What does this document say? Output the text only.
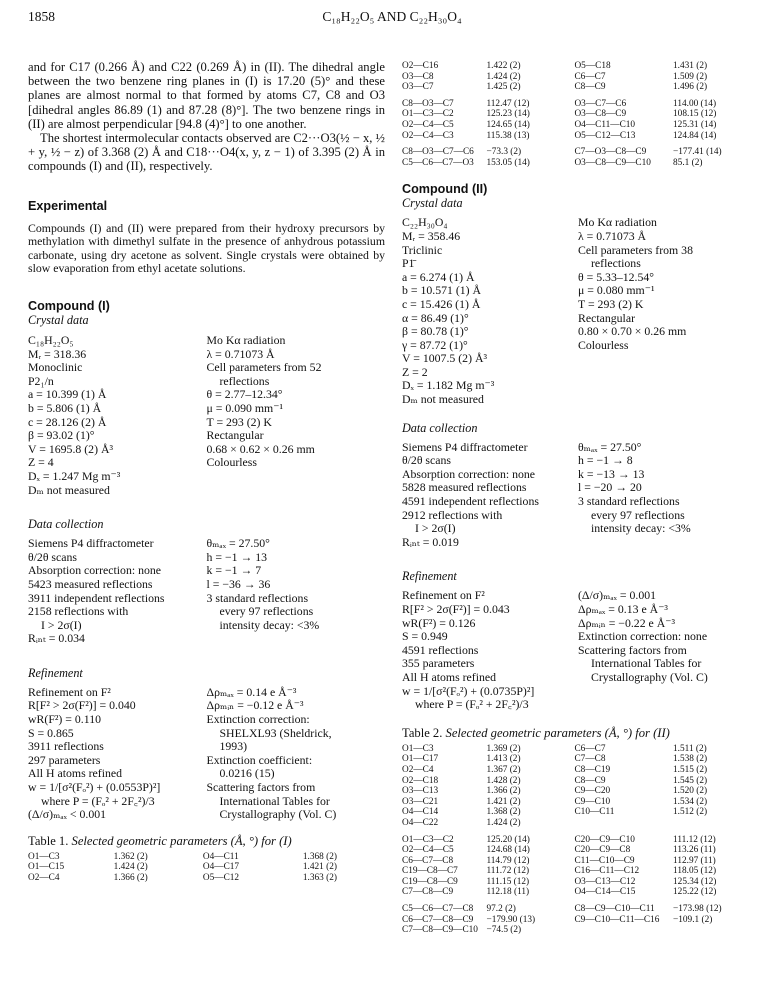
1858	C₁₈H₂₂O₅ AND C₂₂H₃₀O₄

and for C17 (0.266 Å) and C22 (0.269 Å) in (II). The dihedral angle between the two benzene ring planes in (I) is 17.20 (5)° and these planes are almost normal to that formed by atoms C7, C8 and O3 [dihedral angles 86.89 (1) and 87.28 (8)°]. The two benzene rings in (II) are almost perpendicular [94.8 (4)°] to one another.

The shortest intermolecular contacts observed are C2···O3(½ − x, ½ + y, ½ − z) of 3.368 (2) Å and C18···O4(x, y, z − 1) of 3.395 (2) Å in compounds (I) and (II), respectively.

Experimental

Compounds (I) and (II) were prepared from their hydroxy precursors by methylation with dimethyl sulfate in the presence of anhydrous potassium carbonate, using dry acetone as solvent. Single crystals were obtained by slow evaporation from ethyl acetate solutions.

Compound (I)
Crystal data
C₁₈H₂₂O₅
Mᵣ = 318.36
Monoclinic
P2₁/n
a = 10.399 (1) Å
b = 5.806 (1) Å
c = 28.126 (2) Å
β = 93.02 (1)°
V = 1695.8 (2) Å³
Z = 4
Dₓ = 1.247 Mg m⁻³
Dₘ not measured
Mo Kα radiation
λ = 0.71073 Å
Cell parameters from 52
reflections
θ = 2.77–12.34°
μ = 0.090 mm⁻¹
T = 293 (2) K
Rectangular
0.68 × 0.62 × 0.26 mm
Colourless
Data collection
Siemens P4 diffractometer
θ/2θ scans
Absorption correction: none
5423 measured reflections
3911 independent reflections
2158 reflections with
I > 2σ(I)
Rᵢₙₜ = 0.034
θₘₐₓ = 27.50°
h = −1 → 13
k = −1 → 7
l = −36 → 36
3 standard reflections
every 97 reflections
intensity decay: <3%
Refinement
Refinement on F²
R[F² > 2σ(F²)] = 0.040
wR(F²) = 0.110
S = 0.865
3911 reflections
297 parameters
All H atoms refined
w = 1/[σ²(Fₒ²) + (0.0553P)²]
where P = (Fₒ² + 2F꜀²)/3
(Δ/σ)ₘₐₓ < 0.001
Δρₘₐₓ = 0.14 e Å⁻³
Δρₘᵢₙ = −0.12 e Å⁻³
Extinction correction:
SHELXL93 (Sheldrick,
1993)
Extinction coefficient:
0.0216 (15)
Scattering factors from
International Tables for
Crystallography (Vol. C)
Table 1. Selected geometric parameters (Å, °) for (I)
O1—C3	1.362 (2)	O4—C11	1.368 (2)
O1—C15	1.424 (2)	O4—C17	1.421 (2)
O2—C4	1.366 (2)	O5—C12	1.363 (2)
O2—C16	1.422 (2)	O5—C18	1.431 (2)
O3—C8	1.424 (2)	C6—C7	1.509 (2)
O3—C7	1.425 (2)	C8—C9	1.496 (2)
C8—O3—C7	112.47 (12)	O3—C7—C6	114.00 (14)
O1—C3—C2	125.23 (14)	O3—C8—C9	108.15 (12)
O2—C4—C5	124.65 (14)	O4—C11—C10	125.31 (14)
O2—C4—C3	115.38 (13)	O5—C12—C13	124.84 (14)
C8—O3—C7—C6	−73.3 (2)	C7—O3—C8—C9	−177.41 (14)
C5—C6—C7—O3	153.05 (14)	O3—C8—C9—C10	85.1 (2)
Compound (II)
Crystal data
C₂₂H₃₀O₄
Mᵣ = 358.46
Triclinic
P1̄
a = 6.274 (1) Å
b = 10.571 (1) Å
c = 15.426 (1) Å
α = 86.49 (1)°
β = 80.78 (1)°
γ = 87.72 (1)°
V = 1007.5 (2) Å³
Z = 2
Dₓ = 1.182 Mg m⁻³
Dₘ not measured
Mo Kα radiation
λ = 0.71073 Å
Cell parameters from 38
reflections
θ = 5.33–12.54°
μ = 0.080 mm⁻¹
T = 293 (2) K
Rectangular
0.80 × 0.70 × 0.26 mm
Colourless
Data collection
Siemens P4 diffractometer
θ/2θ scans
Absorption correction: none
5828 measured reflections
4591 independent reflections
2912 reflections with
I > 2σ(I)
Rᵢₙₜ = 0.019
θₘₐₓ = 27.50°
h = −1 → 8
k = −13 → 13
l = −20 → 20
3 standard reflections
every 97 reflections
intensity decay: <3%
Refinement
Refinement on F²
R[F² > 2σ(F²)] = 0.043
wR(F²) = 0.126
S = 0.949
4591 reflections
355 parameters
All H atoms refined
w = 1/[σ²(Fₒ²) + (0.0735P)²]
where P = (Fₒ² + 2F꜀²)/3
(Δ/σ)ₘₐₓ = 0.001
Δρₘₐₓ = 0.13 e Å⁻³
Δρₘᵢₙ = −0.22 e Å⁻³
Extinction correction: none
Scattering factors from
International Tables for
Crystallography (Vol. C)
Table 2. Selected geometric parameters (Å, °) for (II)
O1—C3	1.369 (2)	C6—C7	1.511 (2)
O1—C17	1.413 (2)	C7—C8	1.538 (2)
O2—C4	1.367 (2)	C8—C19	1.515 (2)
O2—C18	1.428 (2)	C8—C9	1.545 (2)
O3—C13	1.366 (2)	C9—C20	1.520 (2)
O3—C21	1.421 (2)	C9—C10	1.534 (2)
O4—C14	1.368 (2)	C10—C11	1.512 (2)
O4—C22	1.424 (2)		
O1—C3—C2	125.20 (14)	C20—C9—C10	111.12 (12)
O2—C4—C5	124.68 (14)	C20—C9—C8	113.26 (11)
C6—C7—C8	114.79 (12)	C11—C10—C9	112.97 (11)
C19—C8—C7	111.72 (12)	C16—C11—C12	118.05 (12)
C19—C8—C9	111.15 (12)	O3—C13—C12	125.34 (12)
C7—C8—C9	112.18 (11)	O4—C14—C15	125.22 (12)
C5—C6—C7—C8	97.2 (2)	C8—C9—C10—C11	−173.98 (12)
C6—C7—C8—C9	−179.90 (13)	C9—C10—C11—C16	−109.1 (2)
C7—C8—C9—C10	−74.5 (2)		
